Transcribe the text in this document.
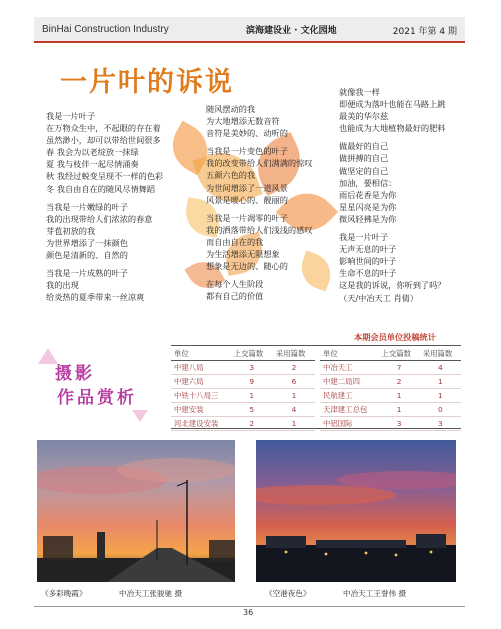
BinHai Construction Industry	滨海建设业 · 文化园地	2021 年第 4 期
一片叶的诉说
我是一片叶子
在万物众生中，不起眼的存在着
虽然渺小，却可以带给世间很多
春 我会为以老绽放一抹绿
夏 我与枝伴一起尽情涌奏
秋 我经过蜕变呈现不一样的色彩
冬 我自由自在的随风尽情舞蹈
当我是一片嫩绿的叶子
我的出现带给人们浓浓的春意
芽苞初放的我
为世界增添了一抹颜色
颜色是清新的、自然的
当我是一片成熟的叶子
我的出现
给炎热的夏季带来一丝凉爽
随风摆动的我
为大地增添无数音符
音符是美妙的、动听的
当我是一片变色的叶子
我的改变带给人们满满的惊叹
五颜六色的我
为世间增添了一道风景
风景是暖心的、靓丽的
当我是一片凋零的叶子
我的洒落带给人们浅浅的感叹
而自由自在的我
为生活增添无限想象
想象是无边的、随心的
在每个人生阶段
都有自己的价值
就像我一样
即便成为落叶也能在马路上跳
最美的华尔兹
也能成为大地植物最好的肥料
做最好的自己
做拼搏的自己
做坚定的自己
加油，要相信：
雨后花香是为你
星星闪亮是为你
微风轻拂是为你
我是一片叶子
无声无息的叶子
影响世间的叶子
生命不息的叶子
这是我的诉说，你听到了吗？
（天/中冶天工 肖倩）
本期会员单位投稿统计
摄影
作品赏析
单位	上交篇数	采用篇数
中建八局	3	2
中建六局	9	6
中铁十八局三	1	1
中建安装	5	4
河北建设安装	2	1
单位	上交篇数	采用篇数
中冶天工	7	4
中建二局四	2	1
民航建工	1	1
天津建工总包	1	0
中铝国际	3	3
《多彩晚霞》	中冶天工张骏驰 摄	《空港夜色》	中冶天工王誉伟 摄
36
